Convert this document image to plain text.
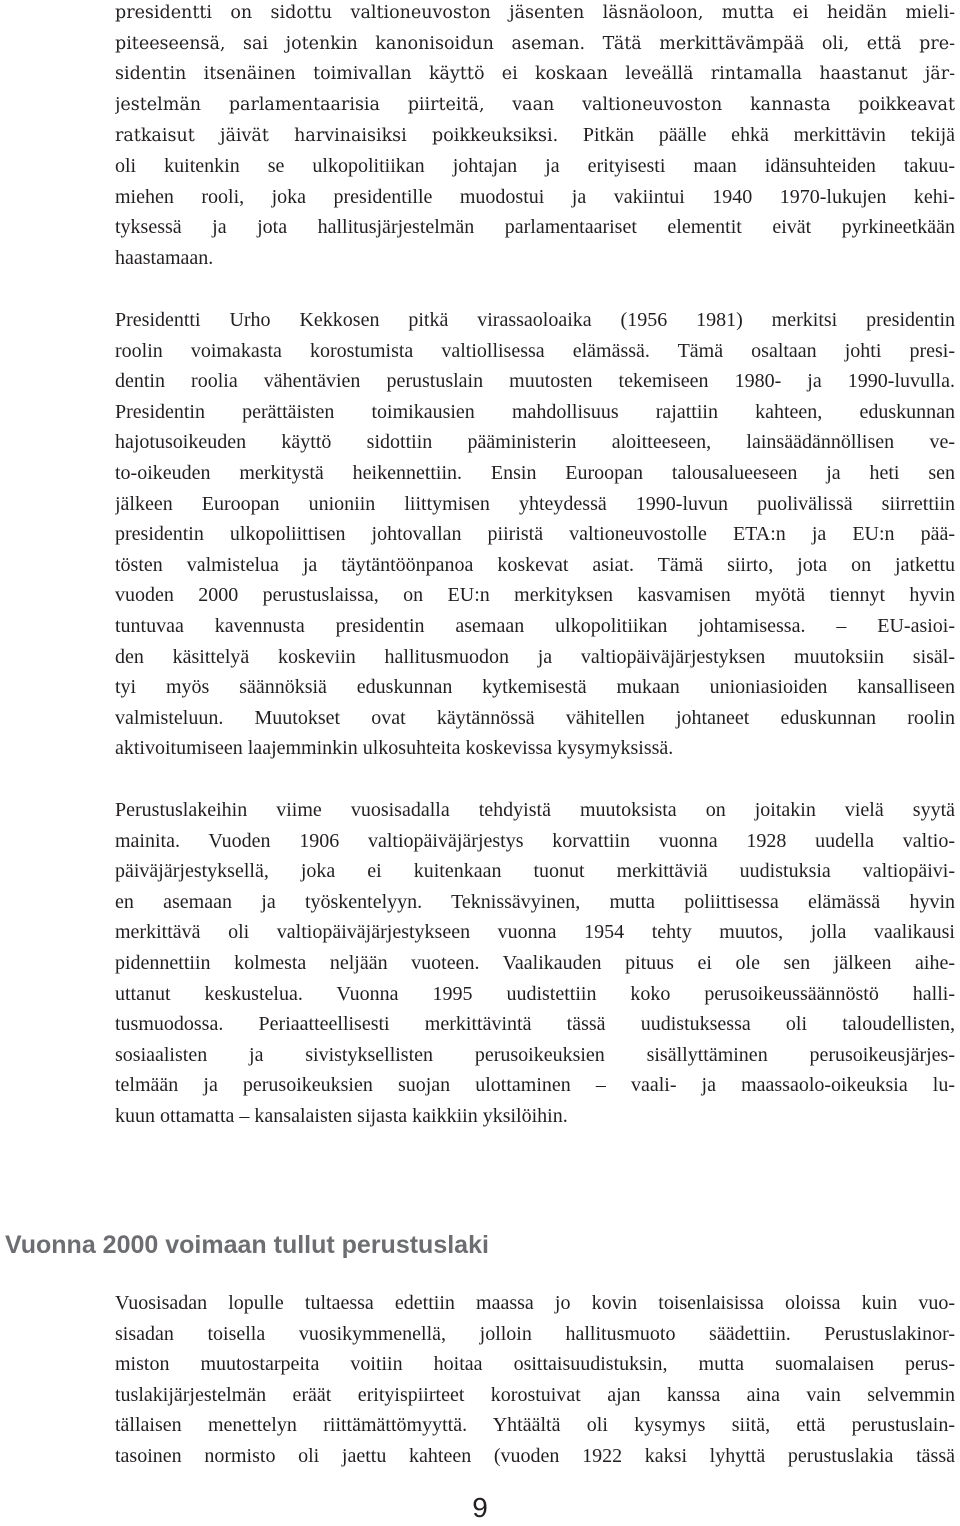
presidentti on sidottu valtioneuvoston jäsenten läsnäoloon, mutta ei heidän mieli-
piteeseensä, sai jotenkin kanonisoidun aseman. Tätä merkittävämpää oli, että pre-
sidentin itsenäinen toimivallan käyttö ei koskaan leveällä rintamalla haastanut jär-
jestelmän parlamentaarisia piirteitä, vaan valtioneuvoston kannasta poikkeavat
ratkaisut jäivät harvinaisiksi poikkeuksiksi. Pitkän päälle ehkä merkittävin tekijä
oli kuitenkin se ulkopolitiikan johtajan ja erityisesti maan idänsuhteiden takuu-
miehen rooli, joka presidentille muodostui ja vakiintui 1940 1970-lukujen kehi-
tyksessä ja jota hallitusjärjestelmän parlamentaariset elementit eivät pyrkineetkään
haastamaan.
Presidentti Urho Kekkosen pitkä virassaoloaika (1956 1981) merkitsi presidentin
roolin voimakasta korostumista valtiollisessa elämässä. Tämä osaltaan johti presi-
dentin roolia vähentävien perustuslain muutosten tekemiseen 1980- ja 1990-luvulla.
Presidentin perättäisten toimikausien mahdollisuus rajattiin kahteen, eduskunnan
hajotusoikeuden käyttö sidottiin pääministerin aloitteeseen, lainsäädännöllisen ve-
to-oikeuden merkitystä heikennettiin. Ensin Euroopan talousalueeseen ja heti sen
jälkeen Euroopan unioniin liittymisen yhteydessä 1990-luvun puolivälissä siirrettiin
presidentin ulkopoliittisen johtovallan piiristä valtioneuvostolle ETA:n ja EU:n pää-
tösten valmistelua ja täytäntöönpanoa koskevat asiat. Tämä siirto, jota on jatkettu
vuoden 2000 perustuslaissa, on EU:n merkityksen kasvamisen myötä tiennyt hyvin
tuntuvaa kavennusta presidentin asemaan ulkopolitiikan johtamisessa. – EU-asioi-
den käsittelyä koskeviin hallitusmuodon ja valtiopäiväjärjestyksen muutoksiin sisäl-
tyi myös säännöksiä eduskunnan kytkemisestä mukaan unioniasioiden kansalliseen
valmisteluun. Muutokset ovat käytännössä vähitellen johtaneet eduskunnan roolin
aktivoitumiseen laajemminkin ulkosuhteita koskevissa kysymyksissä.
Perustuslakeihin viime vuosisadalla tehdyistä muutoksista on joitakin vielä syytä
mainita. Vuoden 1906 valtiopäiväjärjestys korvattiin vuonna 1928 uudella valtio-
päiväjärjestyksellä, joka ei kuitenkaan tuonut merkittäviä uudistuksia valtiopäivi-
en asemaan ja työskentelyyn. Teknissävyinen, mutta poliittisessa elämässä hyvin
merkittävä oli valtiopäiväjärjestykseen vuonna 1954 tehty muutos, jolla vaalikausi
pidennettiin kolmesta neljään vuoteen. Vaalikauden pituus ei ole sen jälkeen aihe-
uttanut keskustelua. Vuonna 1995 uudistettiin koko perusoikeussäännöstö halli-
tusmuodossa. Periaatteellisesti merkittävintä tässä uudistuksessa oli taloudellisten,
sosiaalisten ja sivistyksellisten perusoikeuksien sisällyttäminen perusoikeusjärjes-
telmään ja perusoikeuksien suojan ulottaminen – vaali- ja maassaolo-oikeuksia lu-
kuun ottamatta – kansalaisten sijasta kaikkiin yksilöihin.
Vuonna 2000 voimaan tullut perustuslaki
Vuosisadan lopulle tultaessa edettiin maassa jo kovin toisenlaisissa oloissa kuin vuo-
sisadan toisella vuosikymmenellä, jolloin hallitusmuoto säädettiin. Perustuslakinor-
miston muutostarpeita voitiin hoitaa osittaisuudistuksin, mutta suomalaisen perus-
tuslakijärjestelmän eräät erityispiirteet korostuivat ajan kanssa aina vain selvemmin
tällaisen menettelyn riittämättömyyttä. Yhtäältä oli kysymys siitä, että perustuslain-
tasoinen normisto oli jaettu kahteen (vuoden 1922 kaksi lyhyttä perustuslakia tässä
9
